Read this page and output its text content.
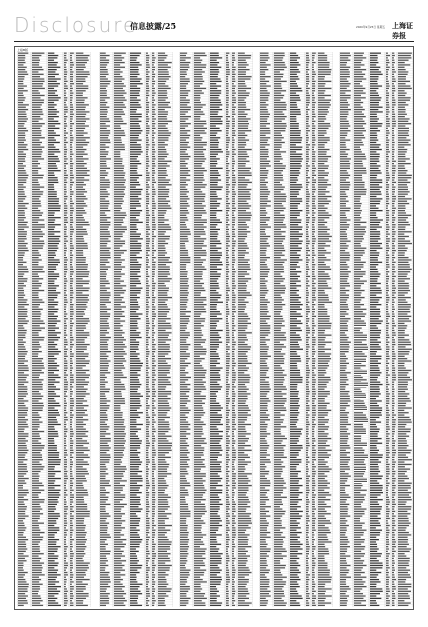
Disclosure
信息披露/25	2020年9月25日 星期五 上海证券报
上接B版
